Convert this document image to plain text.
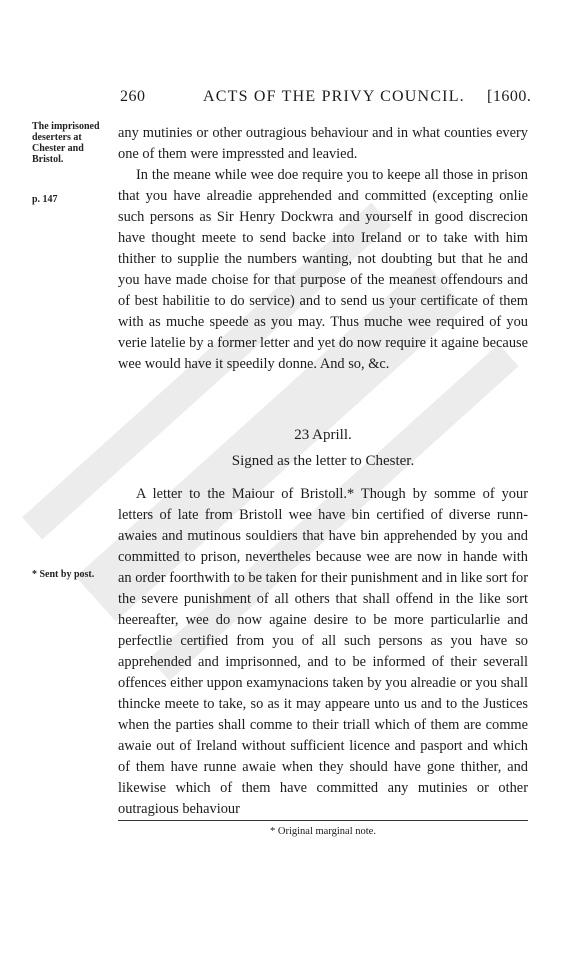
260	ACTS OF THE PRIVY COUNCIL. [1600.
The imprisoned deserters at Chester and Bristol.
p. 147
* Sent by post.

any mutinies or other outragious behaviour and in what counties every one of them were impressted and leavied.

In the meane while wee doe require you to keepe all those in prison that you have alreadie apprehended and committed (excepting onlie such persons as Sir Henry Dockwra and yourself in good discrecion have thought meete to send backe into Ireland or to take with him thither to supplie the numbers wanting, not doubting but that he and you have made choise for that purpose of the meanest offendours and of best habilitie to do service) and to send us your certificate of them with as muche speede as you may. Thus muche wee required of you verie latelie by a former letter and yet do now require it againe because wee would have it speedily donne. And so, &c.

23 Aprill.
Signed as the letter to Chester.

A letter to the Maiour of Bristoll.* Though by somme of your letters of late from Bristoll wee have bin certified of diverse runn-awaies and mutinous souldiers that have bin apprehended by you and committed to prison, nevertheles because wee are now in hande with an order foorthwith to be taken for their punishment and in like sort for the severe punishment of all others that shall offend in the like sort heereafter, wee do now againe desire to be more particularlie and perfectlie certified from you of all such persons as you have so apprehended and imprisonned, and to be informed of their severall offences either uppon examynacions taken by you alreadie or you shall thincke meete to take, so as it may appeare unto us and to the Justices when the parties shall comme to their triall which of them are comme awaie out of Ireland without sufficient licence and pasport and which of them have runne awaie when they should have gone thither, and likewise which of them have committed any mutinies or other outragious behaviour

* Original marginal note.
